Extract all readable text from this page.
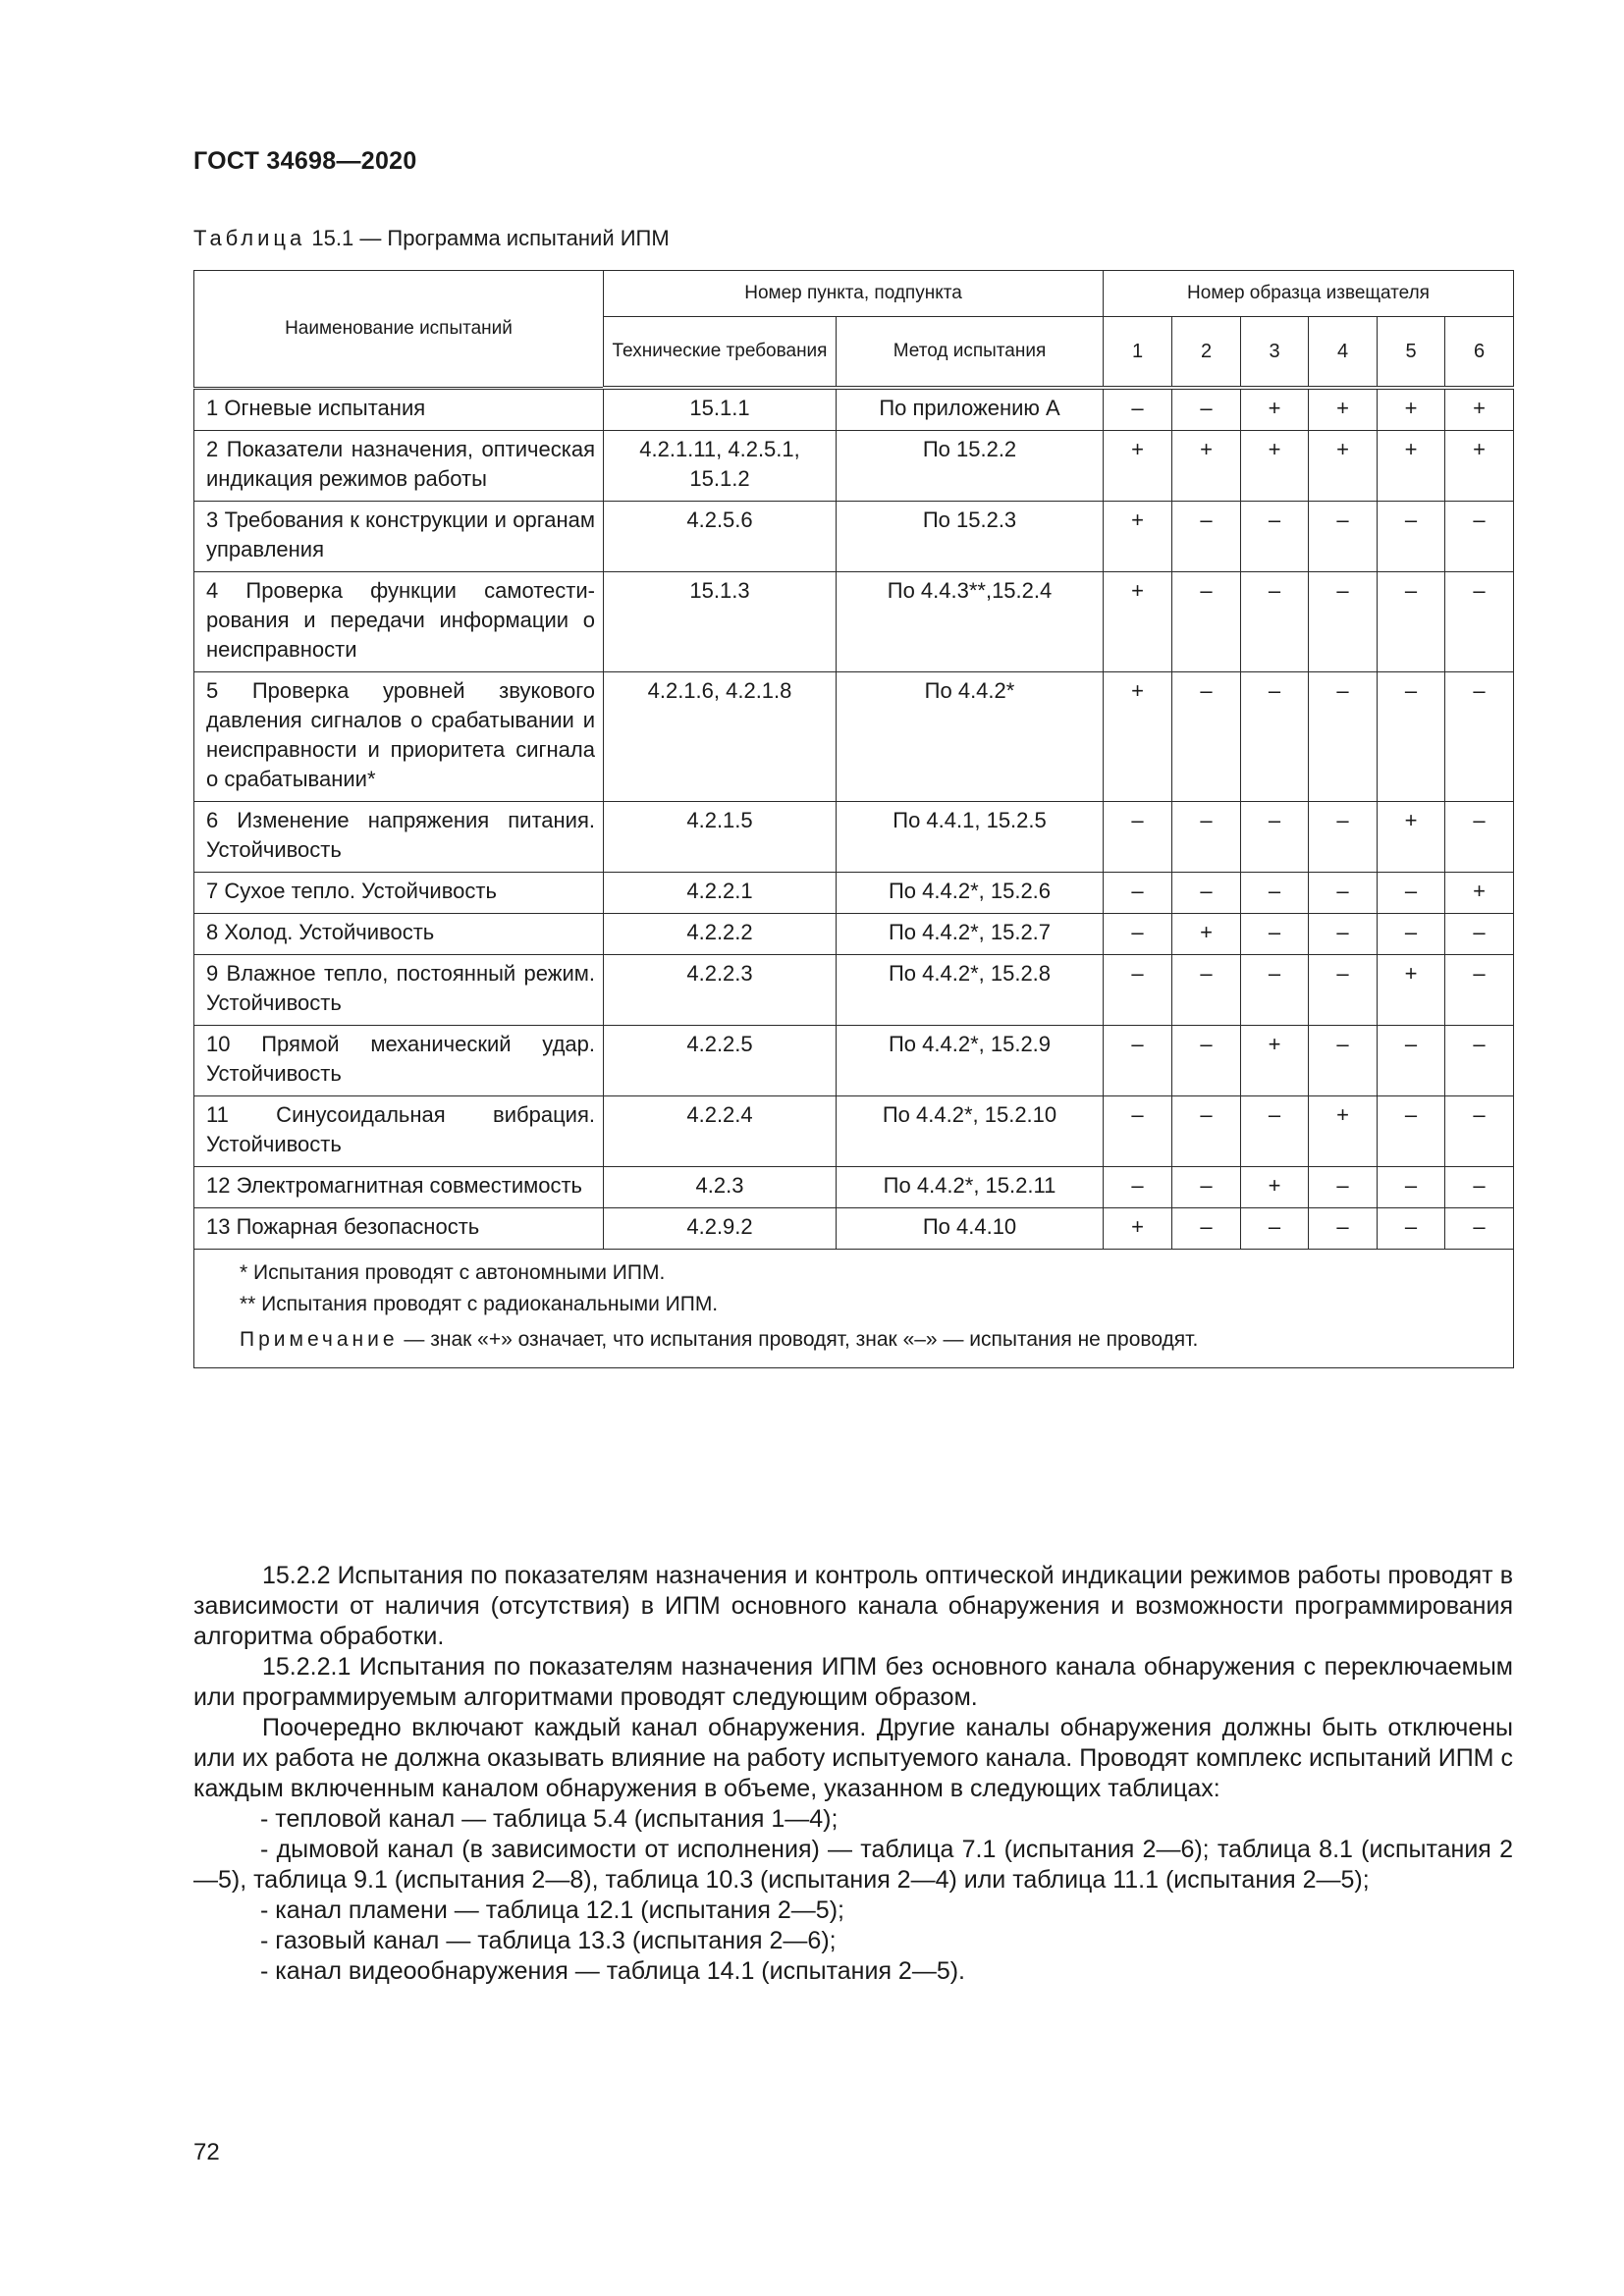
ГОСТ 34698—2020
Таблица 15.1 — Программа испытаний ИПМ
Наименование испытаний	Номер пункта, подпункта		Номер образца извещателя					
	Технические требования	Метод испытания	1	2	3	4	5	6
1 Огневые испытания	15.1.1	По приложению А	–	–	+	+	+	+
2 Показатели назначения, оптическая индикация режимов работы	4.2.1.11, 4.2.5.1, 15.1.2	По 15.2.2	+	+	+	+	+	+
3 Требования к конструкции и органам управления	4.2.5.6	По 15.2.3	+	–	–	–	–	–
4 Проверка функции самотестирования и передачи информации о неисправности	15.1.3	По 4.4.3**,15.2.4	+	–	–	–	–	–
5 Проверка уровней звукового давления сигналов о срабатывании и неисправности и приоритета сигнала о срабатывании*	4.2.1.6, 4.2.1.8	По 4.4.2*	+	–	–	–	–	–
6 Изменение напряжения питания. Устойчивость	4.2.1.5	По 4.4.1, 15.2.5	–	–	–	–	+	–
7 Сухое тепло. Устойчивость	4.2.2.1	По 4.4.2*, 15.2.6	–	–	–	–	–	+
8 Холод. Устойчивость	4.2.2.2	По 4.4.2*, 15.2.7	–	+	–	–	–	–
9 Влажное тепло, постоянный режим. Устойчивость	4.2.2.3	По 4.4.2*, 15.2.8	–	–	–	–	+	–
10 Прямой механический удар. Устойчивость	4.2.2.5	По 4.4.2*, 15.2.9	–	–	+	–	–	–
11 Синусоидальная вибрация. Устойчивость	4.2.2.4	По 4.4.2*, 15.2.10	–	–	–	+	–	–
12 Электромагнитная совместимость	4.2.3	По 4.4.2*, 15.2.11	–	–	+	–	–	–
13 Пожарная безопасность	4.2.9.2	По 4.4.10	+	–	–	–	–	–

* Испытания проводят с автономными ИПМ.
** Испытания проводят с радиоканальными ИПМ.
Примечание — знак «+» означает, что испытания проводят, знак «–» — испытания не проводят.								

15.2.2 Испытания по показателям назначения и контроль оптической индикации режимов работы проводят в зависимости от наличия (отсутствия) в ИПМ основного канала обнаружения и возможности программирования алгоритма обработки.

15.2.2.1 Испытания по показателям назначения ИПМ без основного канала обнаружения с переключаемым или программируемым алгоритмами проводят следующим образом.

Поочередно включают каждый канал обнаружения. Другие каналы обнаружения должны быть отключены или их работа не должна оказывать влияние на работу испытуемого канала. Проводят комплекс испытаний ИПМ с каждым включенным каналом обнаружения в объеме, указанном в следующих таблицах:

- тепловой канал — таблица 5.4 (испытания 1—4);

- дымовой канал (в зависимости от исполнения) — таблица 7.1 (испытания 2—6); таблица 8.1 (испытания 2—5), таблица 9.1 (испытания 2—8), таблица 10.3 (испытания 2—4) или таблица 11.1 (испытания 2—5);

- канал пламени — таблица 12.1 (испытания 2—5);

- газовый канал — таблица 13.3 (испытания 2—6);

- канал видеообнаружения — таблица 14.1 (испытания 2—5).

72
